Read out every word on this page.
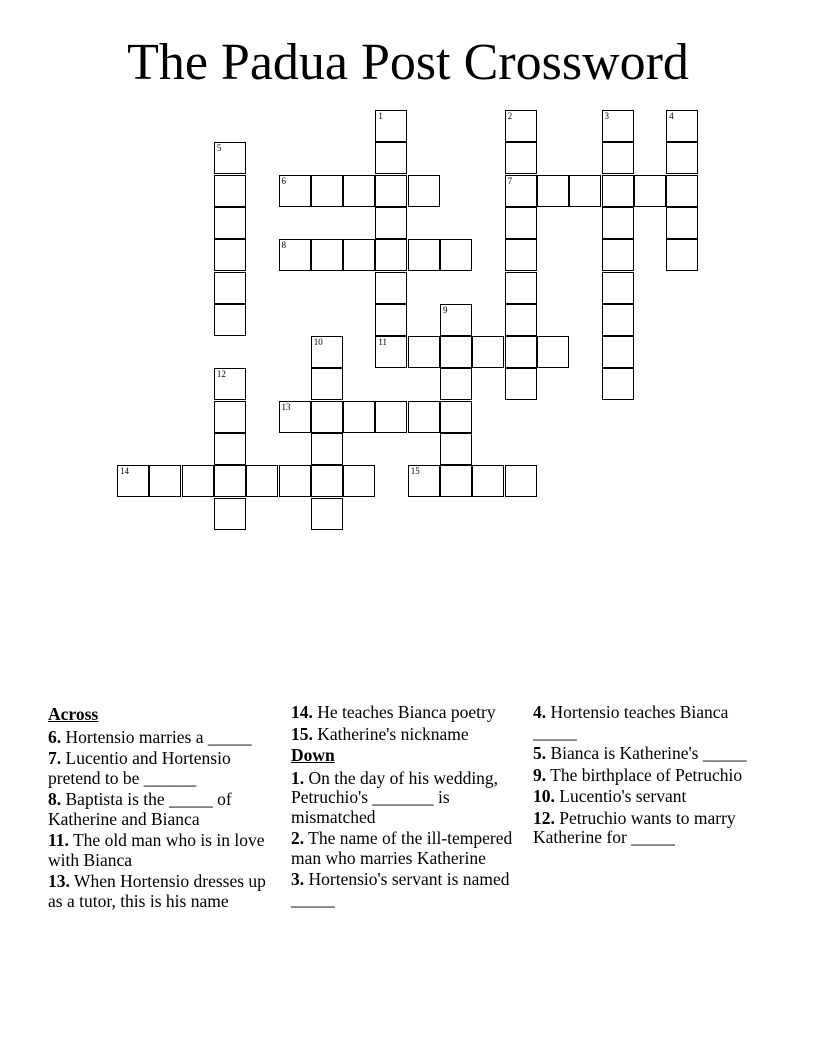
The Padua Post Crossword
1	2	3	4
5
6	7
8
9
10	11
12
13
14	15
Across
6. Hortensio marries a _____
7. Lucentio and Hortensio pretend to be ______
8. Baptista is the _____ of Katherine and Bianca
11. The old man who is in love with Bianca
13. When Hortensio dresses up as a tutor, this is his name
14. He teaches Bianca poetry
15. Katherine's nickname
Down
1. On the day of his wedding, Petruchio's _______ is mismatched
2. The name of the ill-tempered man who marries Katherine
3. Hortensio's servant is named _____
4. Hortensio teaches Bianca _____
5. Bianca is Katherine's _____
9. The birthplace of Petruchio
10. Lucentio's servant
12. Petruchio wants to marry Katherine for _____
